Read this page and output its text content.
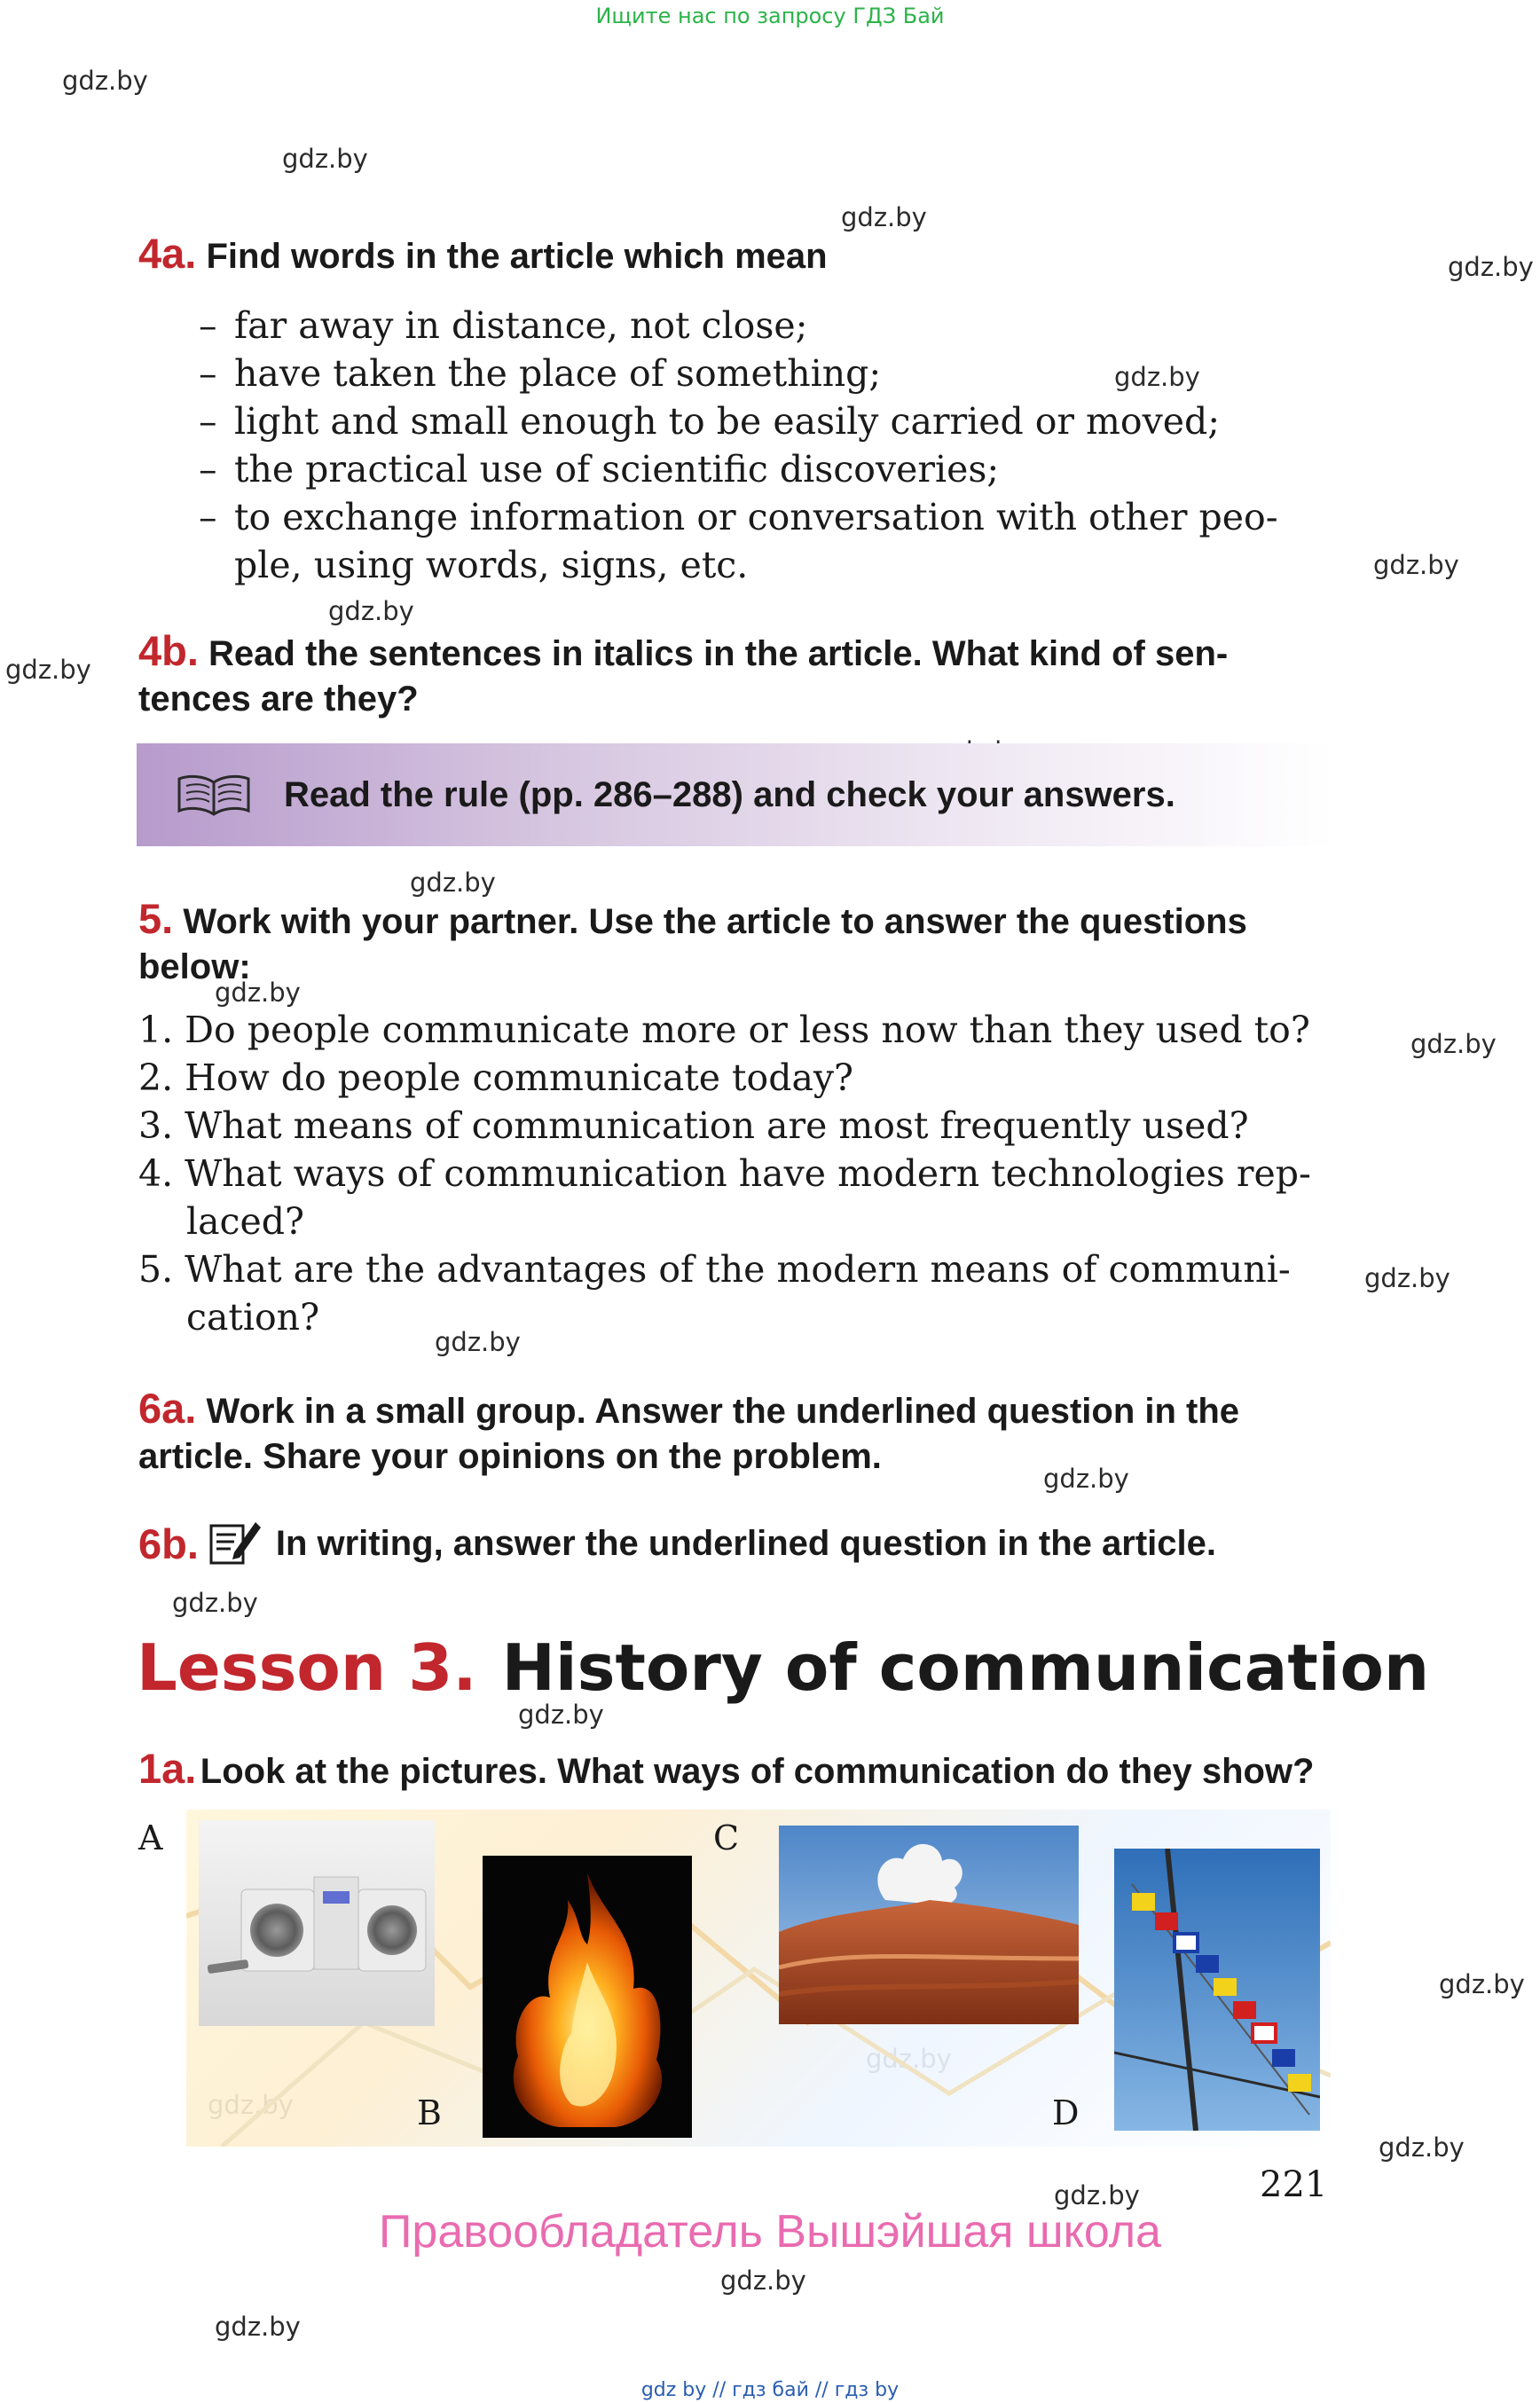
Ищите нас по запросу ГДЗ Бай
gdz.by
gdz.by
gdz.by
gdz.by
gdz.by
gdz.by
gdz.by
gdz.by
gdz.by
gdz.by
gdz.by
gdz.by
gdz.by
gdz.by
gdz.by
gdz.by
gdz.by
gdz.by
gdz.by
gdz.by
gdz.by
4a. Find words in the article which mean
– far away in distance, not close;
– have taken the place of something;
– light and small enough to be easily carried or moved;
– the practical use of scientific discoveries;
– to exchange information or conversation with other peo-
ple, using words, signs, etc.
4b. Read the sentences in italics in the article. What kind of sen-
tences are they?
Read the rule (pp. 286–288) and check your answers.
5. Work with your partner. Use the article to answer the questions
below:
1. Do people communicate more or less now than they used to?
2. How do people communicate today?
3. What means of communication are most frequently used?
4. What ways of communication have modern technologies rep-
laced?
5. What are the advantages of the modern means of communi-
cation?
6a. Work in a small group. Answer the underlined question in the
article. Share your opinions on the problem.
6b. In writing, answer the underlined question in the article.
Lesson 3. History of communication
1a. Look at the pictures. What ways of communication do they show?
A
B
C
D
221
Правообладатель Вышэйшая школа
gdz by // гдз бай // гдз by
